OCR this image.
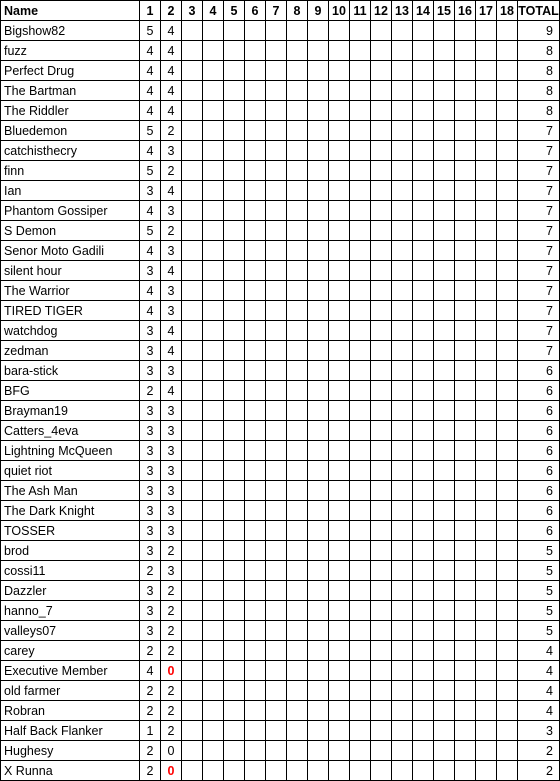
Name	1	2	3	4	5	6	7	8	9	10	11	12	13	14	15	16	17	18	TOTAL
Bigshow82	5	4																	9
fuzz	4	4																	8
Perfect Drug	4	4																	8
The Bartman	4	4																	8
The Riddler	4	4																	8
Bluedemon	5	2																	7
catchisthecry	4	3																	7
finn	5	2																	7
Ian	3	4																	7
Phantom Gossiper	4	3																	7
S Demon	5	2																	7
Senor Moto Gadili	4	3																	7
silent hour	3	4																	7
The Warrior	4	3																	7
TIRED TIGER	4	3																	7
watchdog	3	4																	7
zedman	3	4																	7
bara-stick	3	3																	6
BFG	2	4																	6
Brayman19	3	3																	6
Catters_4eva	3	3																	6
Lightning McQueen	3	3																	6
quiet riot	3	3																	6
The Ash Man	3	3																	6
The Dark Knight	3	3																	6
TOSSER	3	3																	6
brod	3	2																	5
cossi11	2	3																	5
Dazzler	3	2																	5
hanno_7	3	2																	5
valleys07	3	2																	5
carey	2	2																	4
Executive Member	4	0																	4
old farmer	2	2																	4
Robran	2	2																	4
Half Back Flanker	1	2																	3
Hughesy	2	0																	2
X Runna	2	0																	2
